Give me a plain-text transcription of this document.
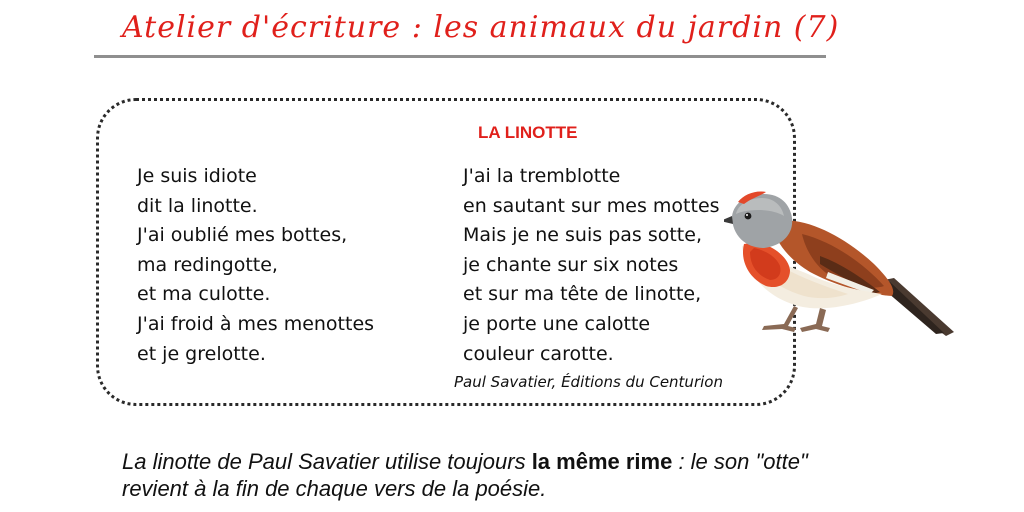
Atelier d'écriture : les animaux du jardin (7)
LA LINOTTE
Je suis idiote
dit la linotte.
J'ai oublié mes bottes,
ma redingotte,
et ma culotte.
J'ai froid à mes menottes
et je grelotte.
J'ai la tremblotte
en sautant sur mes mottes
Mais je ne suis pas sotte,
je chante sur six notes
et sur ma tête de linotte,
je porte une calotte
couleur carotte.
Paul Savatier, Éditions du Centurion

La linotte de Paul Savatier utilise toujours la même rime : le son "otte"

revient à la fin de chaque vers de la poésie.
